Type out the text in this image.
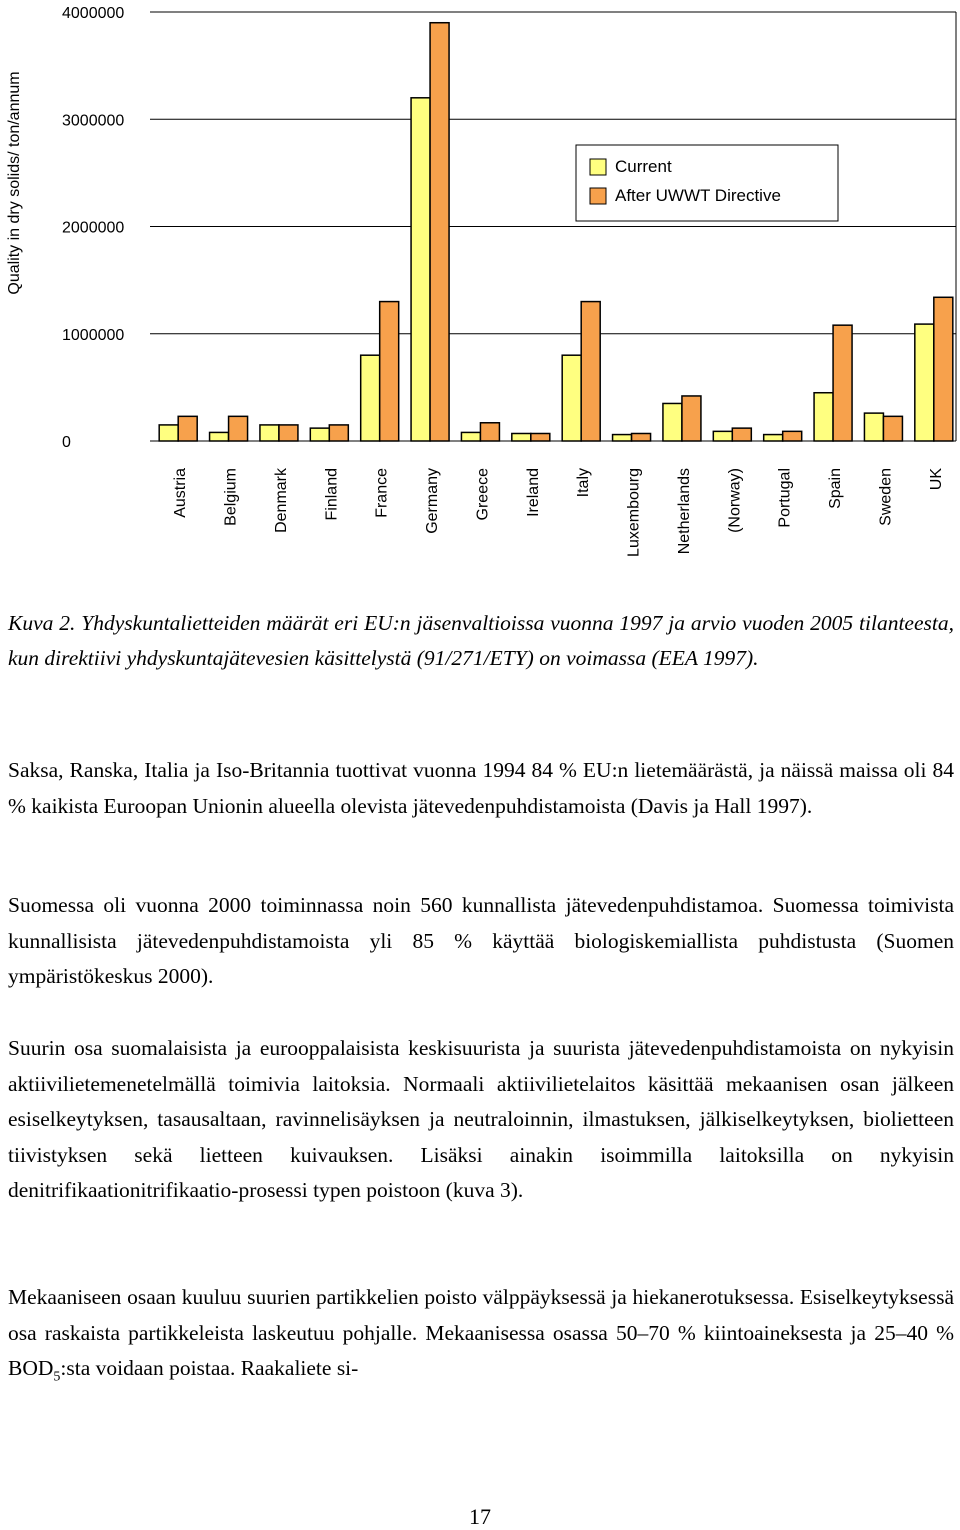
0
1000000
2000000
3000000
4000000
Austria Belgium Denmark Finland France Germany Greece Ireland Italy Luxembourg Netherlands (Norway) Portugal Spain Sweden UK
Quality in dry solids/ ton/annum	Current
After UWWT Directive

Kuva 2. Yhdyskuntalietteiden määrät eri EU:n jäsenvaltioissa vuonna 1997 ja arvio vuoden 2005 tilanteesta, kun direktiivi yhdyskuntajätevesien käsittelystä (91/271/ETY) on voimassa (EEA 1997).

Saksa, Ranska, Italia ja Iso-Britannia tuottivat vuonna 1994 84 % EU:n lietemäärästä, ja näissä maissa oli 84 % kaikista Euroopan Unionin alueella olevista jätevedenpuhdistamoista (Davis ja Hall 1997).

Suomessa oli vuonna 2000 toiminnassa noin 560 kunnallista jätevedenpuhdistamoa. Suomessa toimivista kunnallisista jätevedenpuhdistamoista yli 85 % käyttää biologiskemiallista puhdistusta (Suomen ympäristökeskus 2000).

Suurin osa suomalaisista ja eurooppalaisista keskisuurista ja suurista jätevedenpuhdistamoista on nykyisin aktiivilietemenetelmällä toimivia laitoksia. Normaali aktiivilietelaitos käsittää mekaanisen osan jälkeen esiselkeytyksen, tasausaltaan, ravinnelisäyksen ja neutraloinnin, ilmastuksen, jälkiselkeytyksen, biolietteen tiivistyksen sekä lietteen kuivauksen. Lisäksi ainakin isoimmilla laitoksilla on nykyisin denitrifikaationitrifikaatio-prosessi typen poistoon (kuva 3).

Mekaaniseen osaan kuuluu suurien partikkelien poisto välppäyksessä ja hiekanerotuksessa. Esiselkeytyksessä osa raskaista partikkeleista laskeutuu pohjalle. Mekaanisessa osassa 50–70 % kiintoaineksesta ja 25–40 % $BOD_5:sta$ voidaan poistaa. Raakaliete si-

17
